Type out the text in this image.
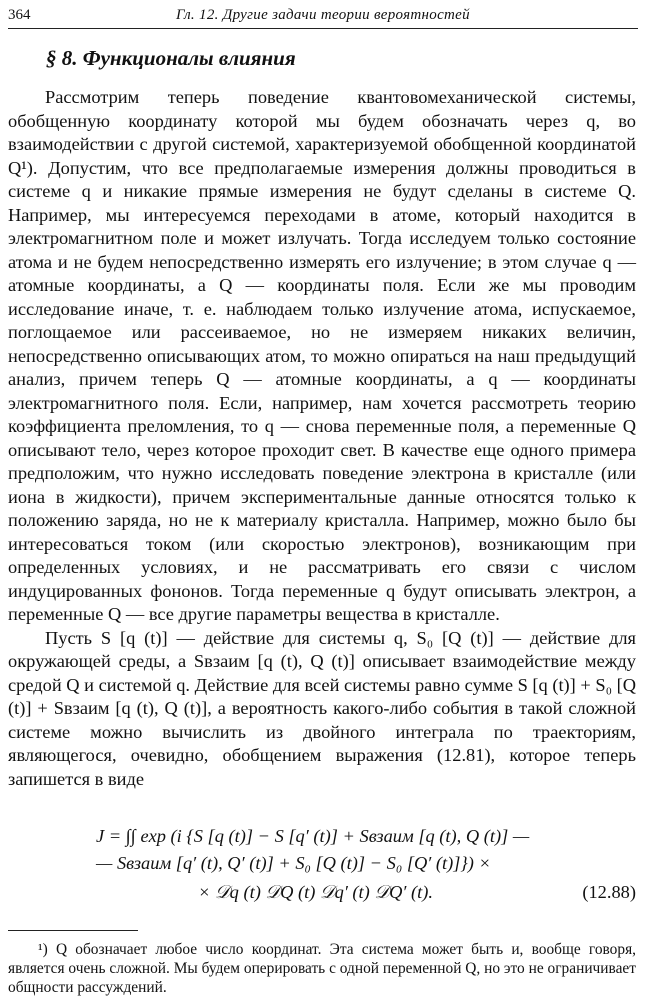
364	Гл. 12. Другие задачи теории вероятностей
§ 8. Функционалы влияния

Рассмотрим теперь поведение квантовомеханической системы, обобщенную координату которой мы будем обозначать через q, во взаимодействии с другой системой, характеризуемой обобщенной координатой Q¹). Допустим, что все предполагаемые измерения должны проводиться в системе q и никакие прямые измерения не будут сделаны в системе Q. Например, мы интересуемся переходами в атоме, который находится в электромагнитном поле и может излучать. Тогда исследуем только состояние атома и не будем непосредственно измерять его излучение; в этом случае q — атомные координаты, а Q — координаты поля. Если же мы проводим исследование иначе, т. е. наблюдаем только излучение атома, испускаемое, поглощаемое или рассеиваемое, но не измеряем никаких величин, непосредственно описывающих атом, то можно опираться на наш предыдущий анализ, причем теперь Q — атомные координаты, а q — координаты электромагнитного поля. Если, например, нам хочется рассмотреть теорию коэффициента преломления, то q — снова переменные поля, а переменные Q описывают тело, через которое проходит свет. В качестве еще одного примера предположим, что нужно исследовать поведение электрона в кристалле (или иона в жидкости), причем экспериментальные данные относятся только к положению заряда, но не к материалу кристалла. Например, можно было бы интересоваться током (или скоростью электронов), возникающим при определенных условиях, и не рассматривать его связи с числом индуцированных фононов. Тогда переменные q будут описывать электрон, а переменные Q — все другие параметры вещества в кристалле.

Пусть S [q (t)] — действие для системы q, S₀ [Q (t)] — действие для окружающей среды, а Sвзаим [q (t), Q (t)] описывает взаимодействие между средой Q и системой q. Действие для всей системы равно сумме S [q (t)] + S₀ [Q (t)] + Sвзаим [q (t), Q (t)], а вероятность какого-либо события в такой сложной системе можно вычислить из двойного интеграла по траекториям, являющегося, очевидно, обобщением выражения (12.81), которое теперь запишется в виде

J = ∫∫ exp (i {S [q (t)] − S [q′ (t)] + Sвзаим [q (t), Q (t)] —
— Sвзаим [q′ (t), Q′ (t)] + S₀ [Q (t)] − S₀ [Q′ (t)]}) ×
× 𝒟q (t) 𝒟Q (t) 𝒟q′ (t) 𝒟Q′ (t).	(12.88)

¹) Q обозначает любое число координат. Эта система может быть и, вообще говоря, является очень сложной. Мы будем оперировать с одной переменной Q, но это не ограничивает общности рассуждений.
